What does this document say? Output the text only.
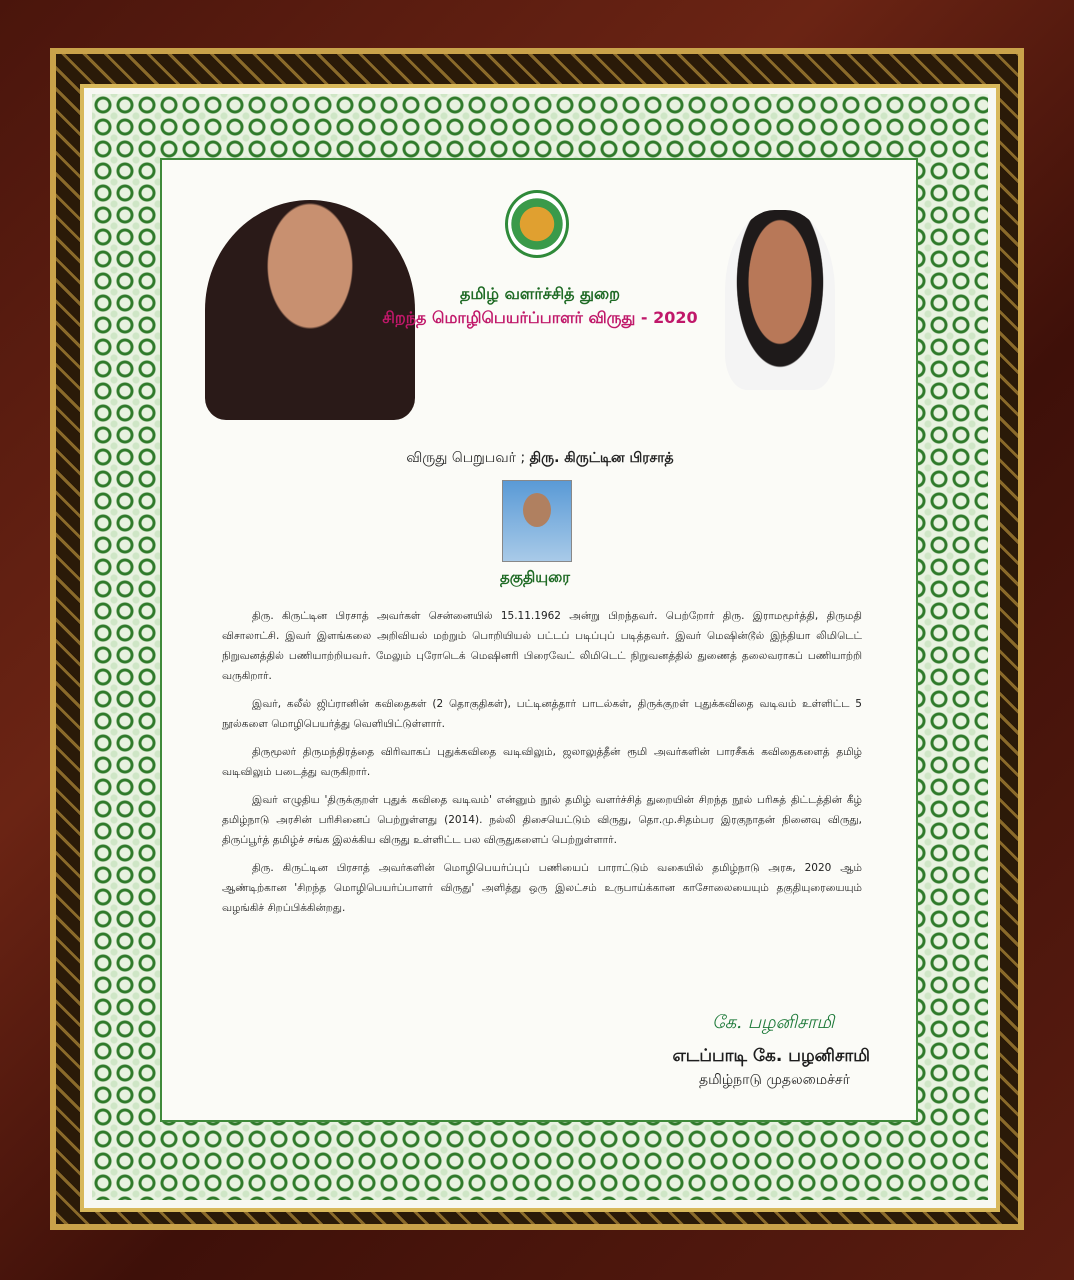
தமிழ் வளர்ச்சித் துறை
சிறந்த மொழிபெயர்ப்பாளர் விருது - 2020
விருது பெறுபவர் ; திரு. கிருட்டின பிரசாத்
தகுதியுரை

திரு. கிருட்டின பிரசாத் அவர்கள் சென்னையில் 15.11.1962 அன்று பிறந்தவர். பெற்றோர் திரு. இராமமூர்த்தி, திருமதி விசாலாட்சி. இவர் இளங்கலை அறிவியல் மற்றும் பொறியியல் பட்டப் படிப்புப் படித்தவர். இவர் மெஷின்டூல் இந்தியா லிமிடெட் நிறுவனத்தில் பணியாற்றியவர். மேலும் புரோடெக் மெஷினரி பிரைவேட் லிமிடெட் நிறுவனத்தில் துணைத் தலைவராகப் பணியாற்றி வருகிறார்.

இவர், கலீல் ஜிப்ரானின் கவிதைகள் (2 தொகுதிகள்), பட்டினத்தார் பாடல்கள், திருக்குறள் புதுக்கவிதை வடிவம் உள்ளிட்ட 5 நூல்களை மொழிபெயர்த்து வெளியிட்டுள்ளார்.

திருமூலர் திருமந்திரத்தை விரிவாகப் புதுக்கவிதை வடிவிலும், ஜலாலுத்தீன் ரூமி அவர்களின் பாரசீகக் கவிதைகளைத் தமிழ் வடிவிலும் படைத்து வருகிறார்.

இவர் எழுதிய 'திருக்குறள் புதுக் கவிதை வடிவம்' என்னும் நூல் தமிழ் வளர்ச்சித் துறையின் சிறந்த நூல் பரிசுத் திட்டத்தின் கீழ் தமிழ்நாடு அரசின் பரிசினைப் பெற்றுள்ளது (2014). நல்லி திசையெட்டும் விருது, தொ.மு.சிதம்பர இரகுநாதன் நினைவு விருது, திருப்பூர்த் தமிழ்ச் சங்க இலக்கிய விருது உள்ளிட்ட பல விருதுகளைப் பெற்றுள்ளார்.

திரு. கிருட்டின பிரசாத் அவர்களின் மொழிபெயர்ப்புப் பணியைப் பாராட்டும் வகையில் தமிழ்நாடு அரசு, 2020 ஆம் ஆண்டிற்கான 'சிறந்த மொழிபெயர்ப்பாளர் விருது' அளித்து ஒரு இலட்சம் உருபாய்க்கான காசோலையையும் தகுதியுரையையும் வழங்கிச் சிறப்பிக்கின்றது.

கே. பழனிசாமி
எடப்பாடி கே. பழனிசாமி
தமிழ்நாடு முதலமைச்சர்
